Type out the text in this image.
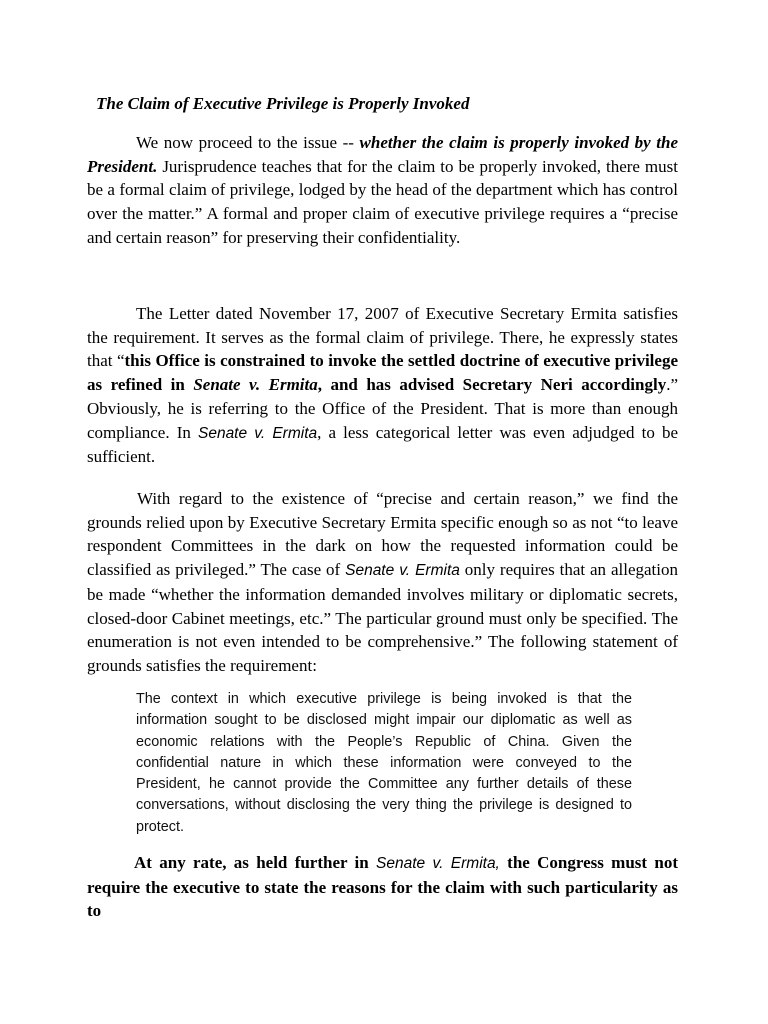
The Claim of Executive Privilege is Properly Invoked

We now proceed to the issue -- whether the claim is properly invoked by the President. Jurisprudence teaches that for the claim to be properly invoked, there must be a formal claim of privilege, lodged by the head of the department which has control over the matter.” A formal and proper claim of executive privilege requires a “precise and certain reason” for preserving their confidentiality.

The Letter dated November 17, 2007 of Executive Secretary Ermita satisfies the requirement. It serves as the formal claim of privilege. There, he expressly states that “this Office is constrained to invoke the settled doctrine of executive privilege as refined in Senate v. Ermita, and has advised Secretary Neri accordingly.” Obviously, he is referring to the Office of the President. That is more than enough compliance. In Senate v. Ermita, a less categorical letter was even adjudged to be sufficient.

With regard to the existence of “precise and certain reason,” we find the grounds relied upon by Executive Secretary Ermita specific enough so as not “to leave respondent Committees in the dark on how the requested information could be classified as privileged.” The case of Senate v. Ermita only requires that an allegation be made “whether the information demanded involves military or diplomatic secrets, closed-door Cabinet meetings, etc.” The particular ground must only be specified. The enumeration is not even intended to be comprehensive.” The following statement of grounds satisfies the requirement:

The context in which executive privilege is being invoked is that the information sought to be disclosed might impair our diplomatic as well as economic relations with the People’s Republic of China. Given the confidential nature in which these information were conveyed to the President, he cannot provide the Committee any further details of these conversations, without disclosing the very thing the privilege is designed to protect.

At any rate, as held further in Senate v. Ermita, the Congress must not require the executive to state the reasons for the claim with such particularity as to
